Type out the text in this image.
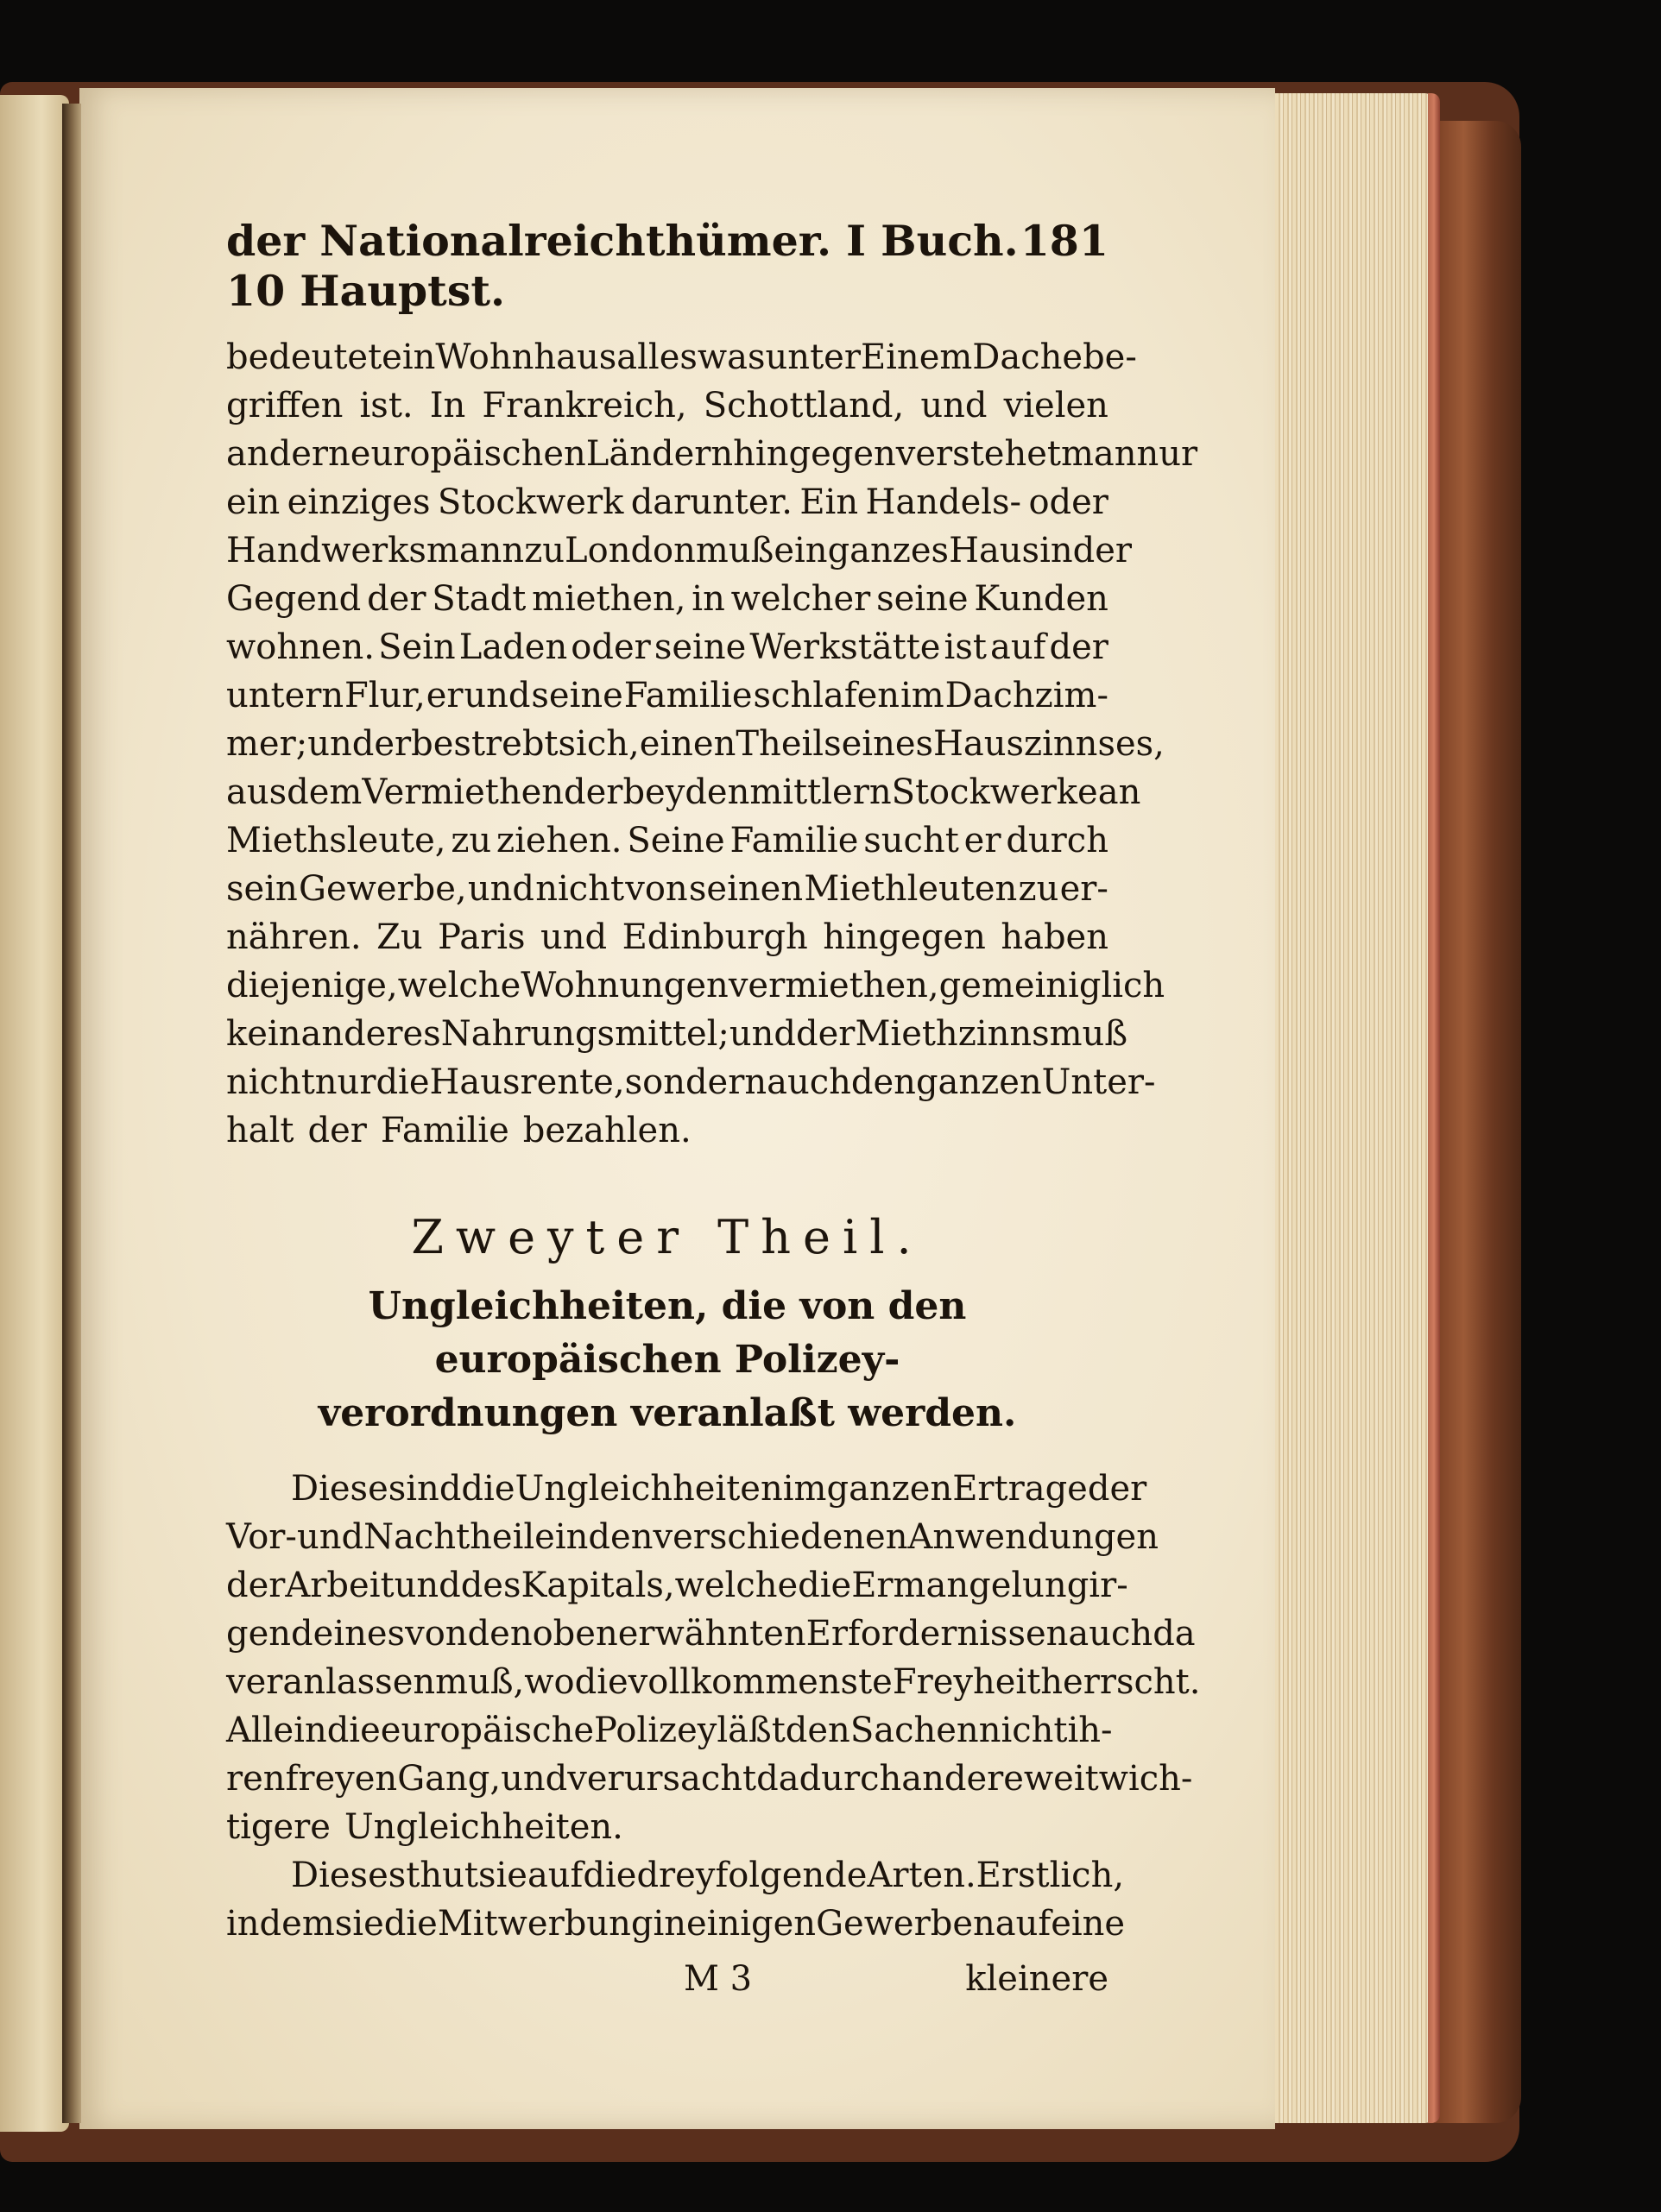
der Nationalreichthümer. I Buch. 10 Hauptst.
181
bedeutet ein Wohnhaus alles was unter Einem Dache be-
griffen ist. In Frankreich, Schottland, und vielen
andern europäischen Ländern hingegen verstehet man nur
ein einziges Stockwerk darunter. Ein Handels- oder
Handwerksmann zu London muß ein ganzes Haus in der
Gegend der Stadt miethen, in welcher seine Kunden
wohnen. Sein Laden oder seine Werkstätte ist auf der
untern Flur, er und seine Familie schlafen im Dachzim-
mer; und er bestrebt sich, einen Theil seines Hauszinnses,
aus dem Vermiethen der beyden mittlern Stockwerke an
Miethsleute, zu ziehen. Seine Familie sucht er durch
sein Gewerbe, und nicht von seinen Miethleuten zu er-
nähren. Zu Paris und Edinburgh hingegen haben
diejenige, welche Wohnungen vermiethen, gemeiniglich
kein anderes Nahrungsmittel; und der Miethzinns muß
nicht nur die Hausrente, sondern auch den ganzen Unter-
halt der Familie bezahlen.
Zweyter Theil.
Ungleichheiten, die von den europäischen Polizey-
verordnungen veranlaßt werden.
Diese sind die Ungleichheiten im ganzen Ertrage der
Vor- und Nachtheile in den verschiedenen Anwendungen
der Arbeit und des Kapitals, welche die Ermangelung ir-
gend eines von den oben erwähnten Erfordernissen auch da
veranlassen muß, wo die vollkommenste Freyheit herrscht.
Allein die europäische Polizey läßt den Sachen nicht ih-
ren freyen Gang, und verursacht dadurch andere weit wich-
tigere Ungleichheiten.
Dieses thut sie auf die drey folgende Arten. Erstlich,
indem sie die Mitwerbung in einigen Gewerben auf eine
M 3	kleinere
